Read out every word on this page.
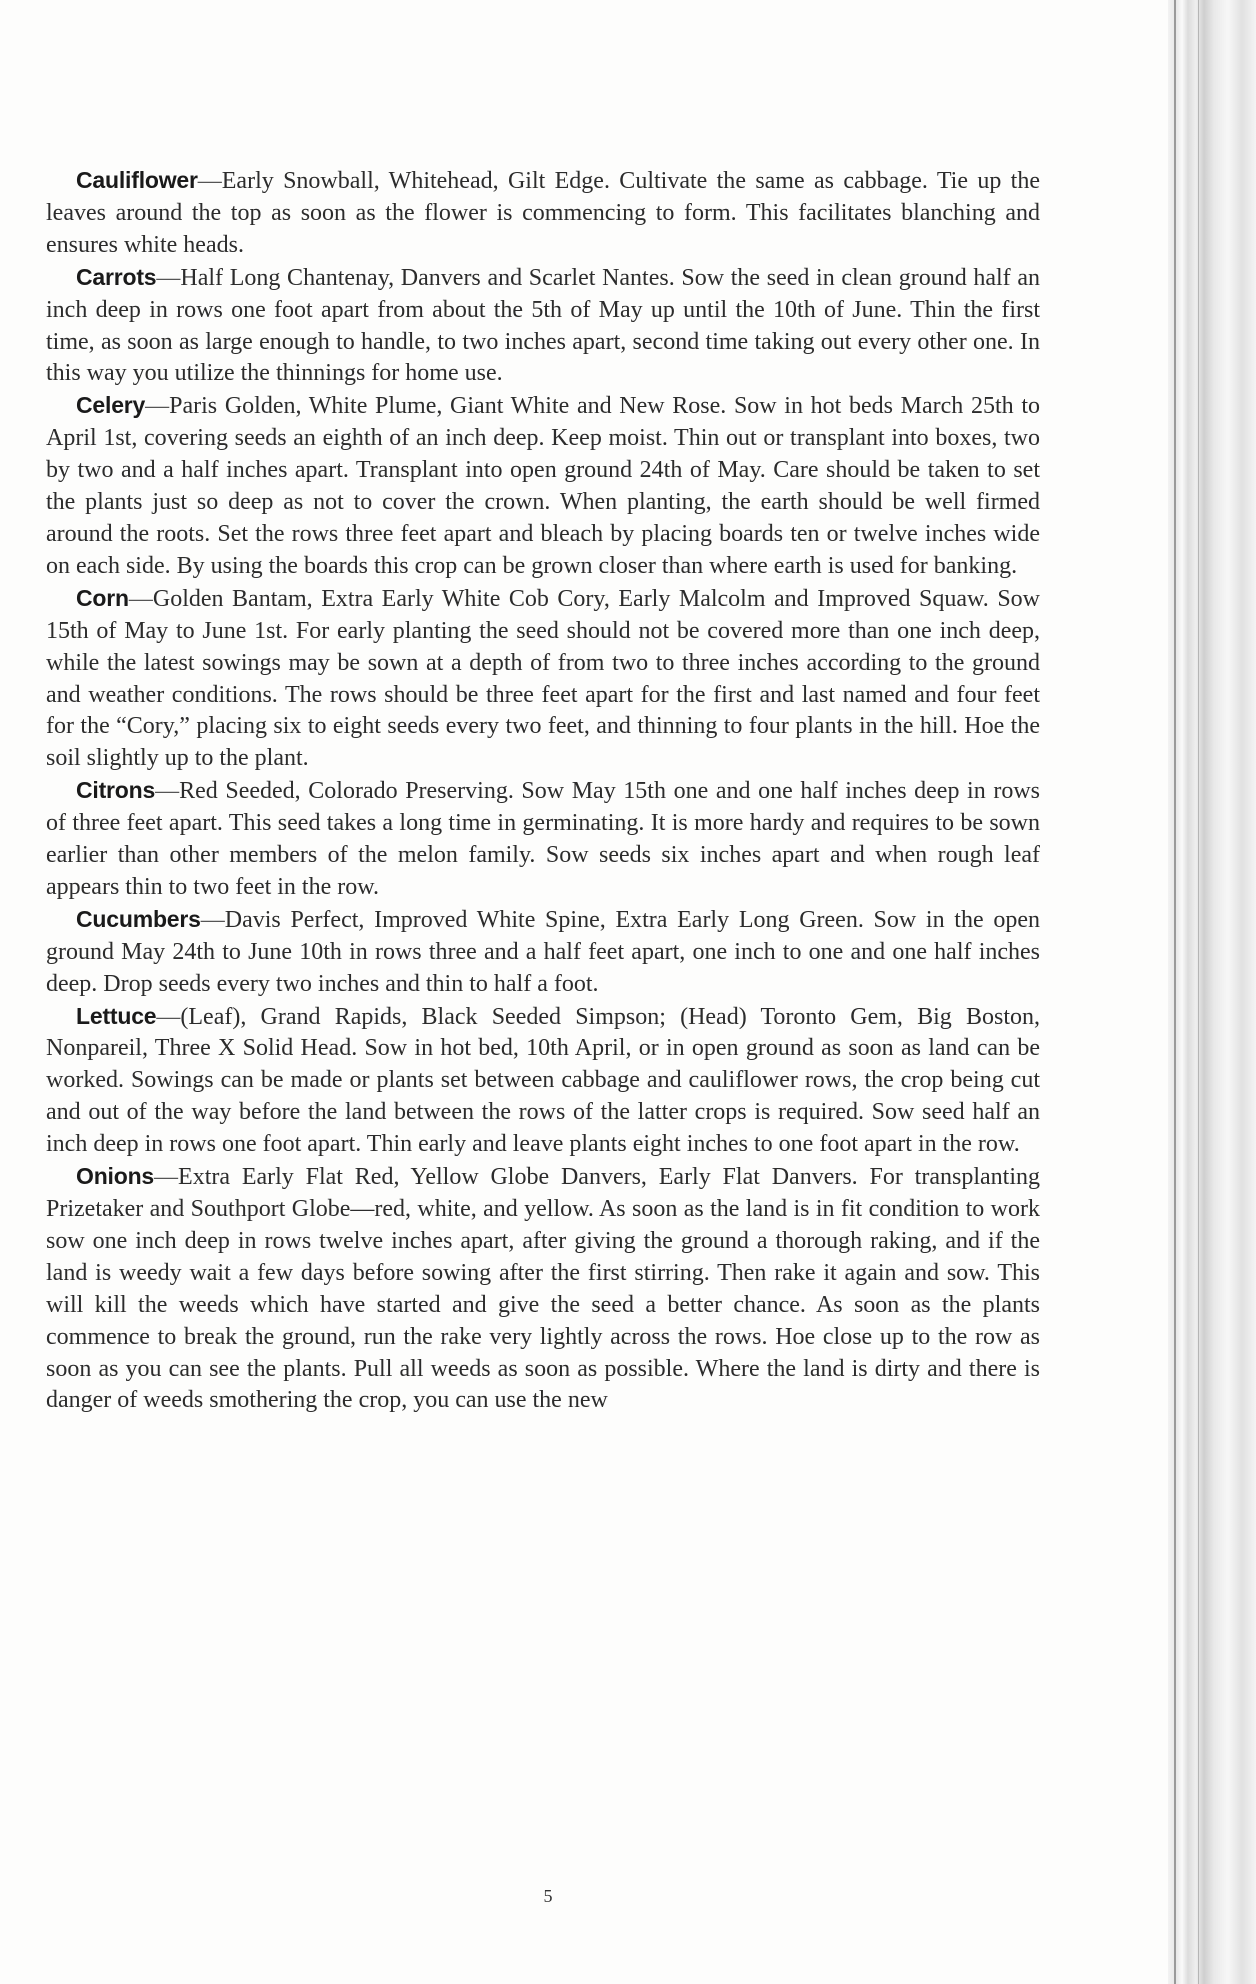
Cauliflower—Early Snowball, Whitehead, Gilt Edge. Cultivate the same as cabbage. Tie up the leaves around the top as soon as the flower is commencing to form. This facilitates blanching and ensures white heads.

Carrots—Half Long Chantenay, Danvers and Scarlet Nantes. Sow the seed in clean ground half an inch deep in rows one foot apart from about the 5th of May up until the 10th of June. Thin the first time, as soon as large enough to handle, to two inches apart, second time taking out every other one. In this way you utilize the thinnings for home use.

Celery—Paris Golden, White Plume, Giant White and New Rose. Sow in hot beds March 25th to April 1st, covering seeds an eighth of an inch deep. Keep moist. Thin out or transplant into boxes, two by two and a half inches apart. Transplant into open ground 24th of May. Care should be taken to set the plants just so deep as not to cover the crown. When planting, the earth should be well firmed around the roots. Set the rows three feet apart and bleach by placing boards ten or twelve inches wide on each side. By using the boards this crop can be grown closer than where earth is used for banking.

Corn—Golden Bantam, Extra Early White Cob Cory, Early Malcolm and Improved Squaw. Sow 15th of May to June 1st. For early planting the seed should not be covered more than one inch deep, while the latest sowings may be sown at a depth of from two to three inches according to the ground and weather conditions. The rows should be three feet apart for the first and last named and four feet for the “Cory,” placing six to eight seeds every two feet, and thinning to four plants in the hill. Hoe the soil slightly up to the plant.

Citrons—Red Seeded, Colorado Preserving. Sow May 15th one and one half inches deep in rows of three feet apart. This seed takes a long time in germinating. It is more hardy and requires to be sown earlier than other members of the melon family. Sow seeds six inches apart and when rough leaf appears thin to two feet in the row.

Cucumbers—Davis Perfect, Improved White Spine, Extra Early Long Green. Sow in the open ground May 24th to June 10th in rows three and a half feet apart, one inch to one and one half inches deep. Drop seeds every two inches and thin to half a foot.

Lettuce—(Leaf), Grand Rapids, Black Seeded Simpson; (Head) Toronto Gem, Big Boston, Nonpareil, Three X Solid Head. Sow in hot bed, 10th April, or in open ground as soon as land can be worked. Sowings can be made or plants set between cabbage and cauliflower rows, the crop being cut and out of the way before the land between the rows of the latter crops is required. Sow seed half an inch deep in rows one foot apart. Thin early and leave plants eight inches to one foot apart in the row.

Onions—Extra Early Flat Red, Yellow Globe Danvers, Early Flat Danvers. For transplanting Prizetaker and Southport Globe—red, white, and yellow. As soon as the land is in fit condition to work sow one inch deep in rows twelve inches apart, after giving the ground a thorough raking, and if the land is weedy wait a few days before sowing after the first stirring. Then rake it again and sow. This will kill the weeds which have started and give the seed a better chance. As soon as the plants commence to break the ground, run the rake very lightly across the rows. Hoe close up to the row as soon as you can see the plants. Pull all weeds as soon as possible. Where the land is dirty and there is danger of weeds smothering the crop, you can use the new

5
